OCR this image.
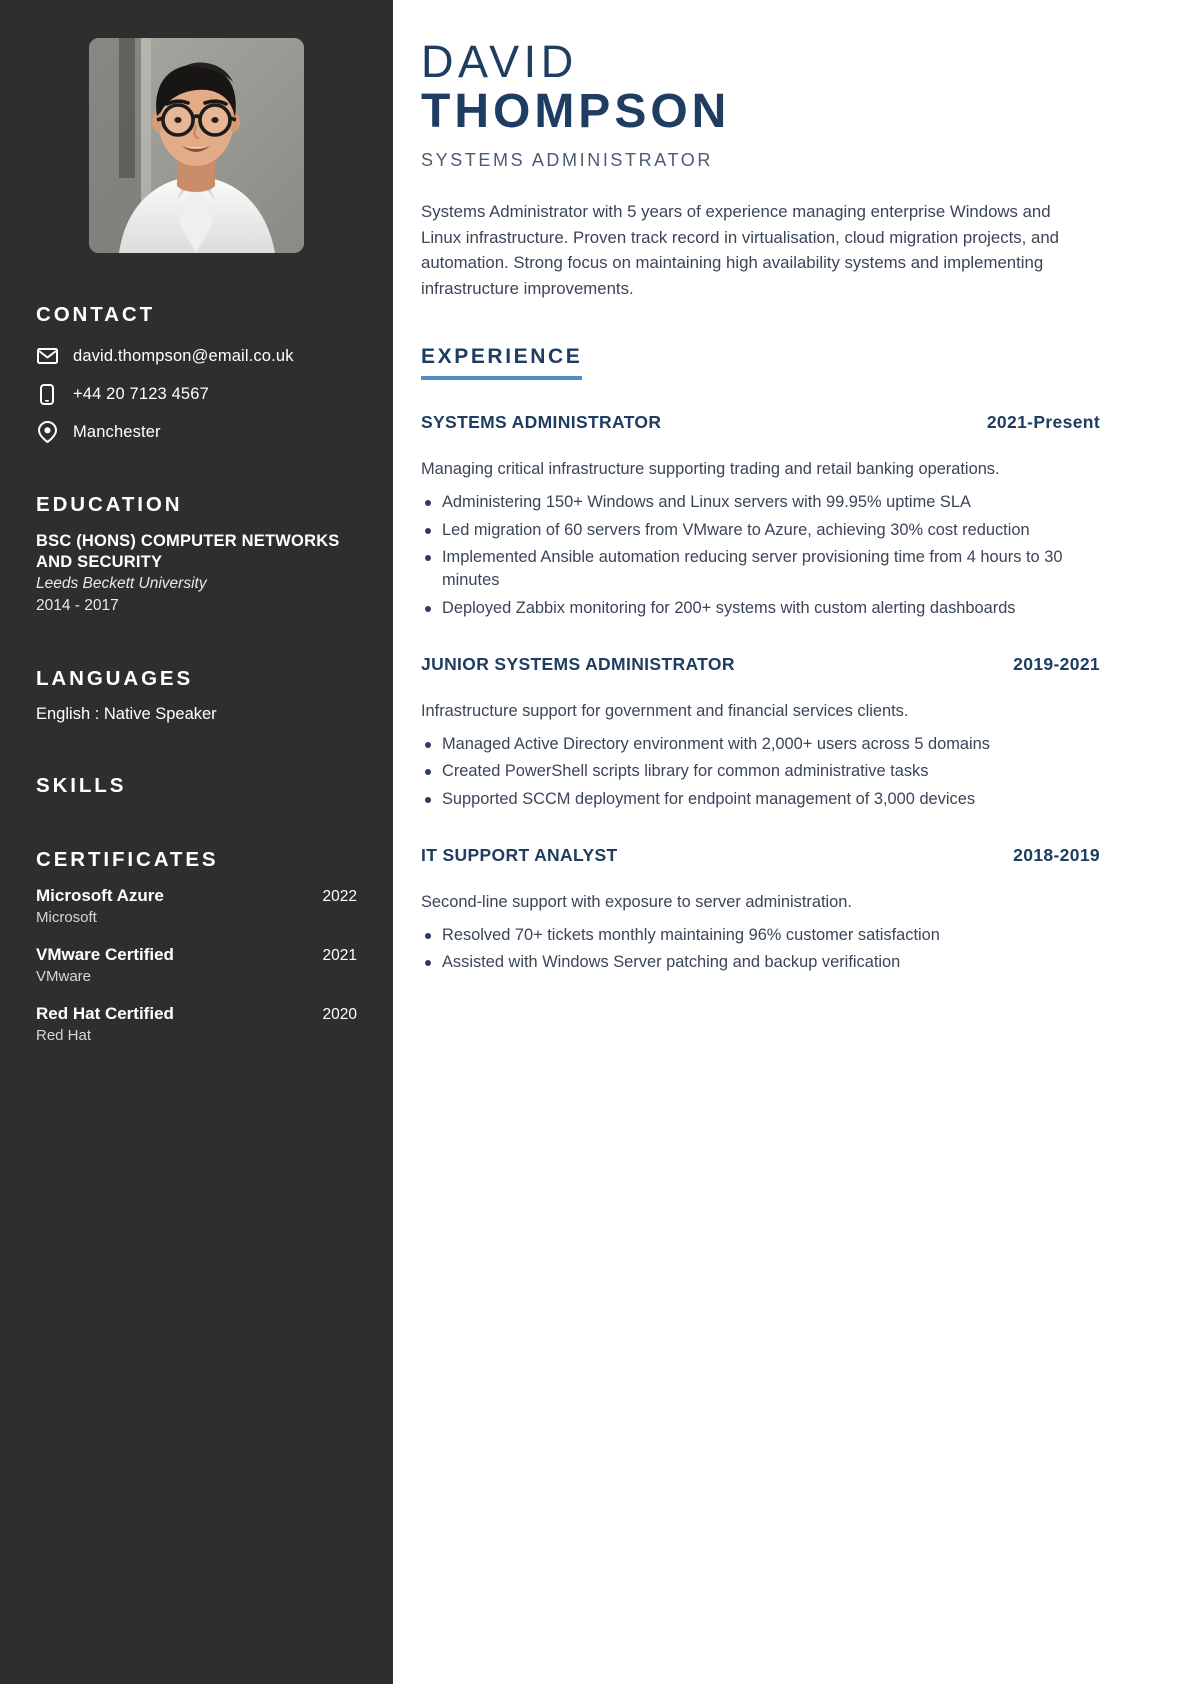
CONTACT
david.thompson@email.co.uk
+44 20 7123 4567
Manchester
EDUCATION
BSC (HONS) COMPUTER NETWORKS AND SECURITY
Leeds Beckett University
2014 - 2017
LANGUAGES
English : Native Speaker
SKILLS
CERTIFICATES
Microsoft Azure	2022
Microsoft
VMware Certified	2021
VMware
Red Hat Certified	2020
Red Hat
DAVID
THOMPSON
SYSTEMS ADMINISTRATOR

Systems Administrator with 5 years of experience managing enterprise Windows and Linux infrastructure. Proven track record in virtualisation, cloud migration projects, and automation. Strong focus on maintaining high availability systems and implementing infrastructure improvements.

EXPERIENCE
SYSTEMS ADMINISTRATOR	2021-Present

Managing critical infrastructure supporting trading and retail banking operations.

Administering 150+ Windows and Linux servers with 99.95% uptime SLA
Led migration of 60 servers from VMware to Azure, achieving 30% cost reduction
Implemented Ansible automation reducing server provisioning time from 4 hours to 30 minutes
Deployed Zabbix monitoring for 200+ systems with custom alerting dashboards
JUNIOR SYSTEMS ADMINISTRATOR	2019-2021

Infrastructure support for government and financial services clients.

Managed Active Directory environment with 2,000+ users across 5 domains
Created PowerShell scripts library for common administrative tasks
Supported SCCM deployment for endpoint management of 3,000 devices
IT SUPPORT ANALYST	2018-2019

Second-line support with exposure to server administration.

Resolved 70+ tickets monthly maintaining 96% customer satisfaction
Assisted with Windows Server patching and backup verification
